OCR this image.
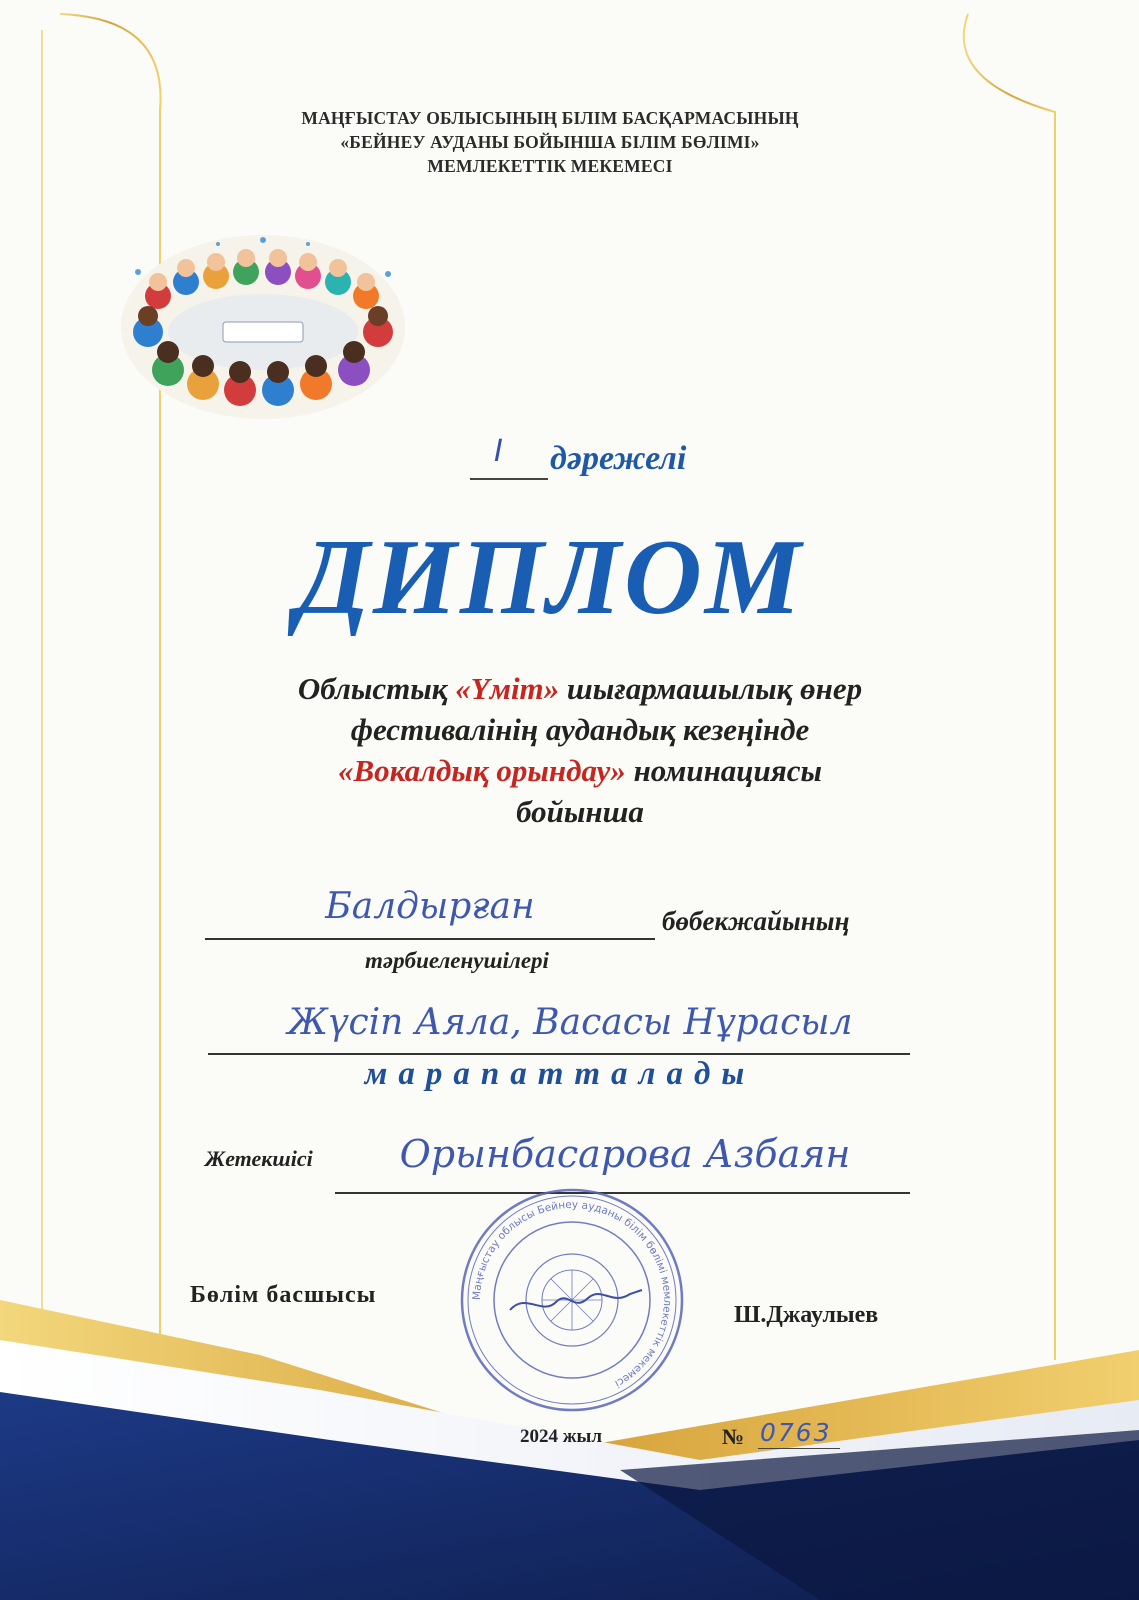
МАҢҒЫСТАУ ОБЛЫСЫНЫҢ БІЛІМ БАСҚАРМАСЫНЫҢ
«БЕЙНЕУ АУДАНЫ БОЙЫНША БІЛІМ БӨЛІМІ»
МЕМЛЕКЕТТІК МЕКЕМЕСІ
I дәрежелі
ДИПЛОМ
Облыстық «Үміт» шығармашылық өнер
фестивалінің аудандық кезеңінде
«Вокалдық орындау» номинациясы
бойынша
Балдырған	бөбекжайының
тәрбиеленушілері
Жүсіп Аяла, Васасы Нұрасыл
марапатталады
Жетекшісі	Орынбасарова Азбаян
Маңғыстау облысы Бейнеу ауданы білім бөлімі мемлекеттік мекемесі
Бөлім басшысы
Ш.Джаулыев
2024 жыл	№ 0763
